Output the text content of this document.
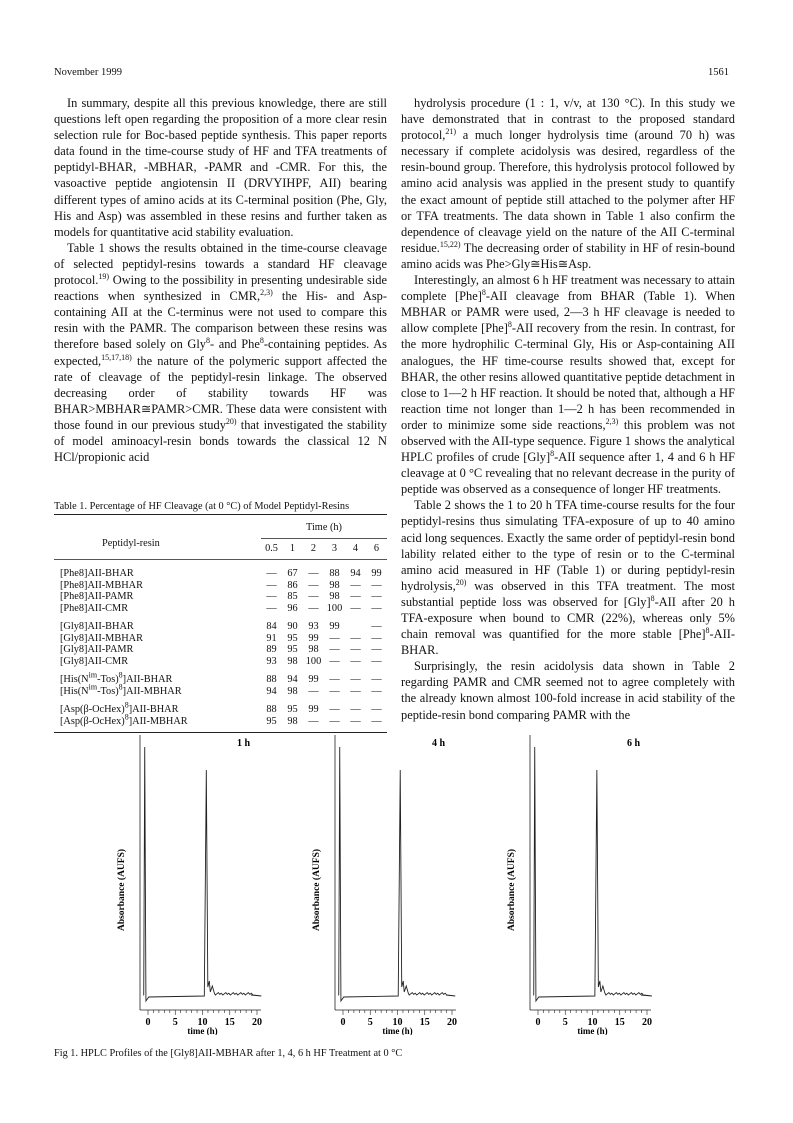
November 1999	1561

In summary, despite all this previous knowledge, there are still questions left open regarding the proposition of a more clear resin selection rule for Boc-based peptide synthesis. This paper reports data found in the time-course study of HF and TFA treatments of peptidyl-BHAR, -MBHAR, -PAMR and -CMR. For this, the vasoactive peptide angiotensin II (DRVYIHPF, AII) bearing different types of amino acids at its C-terminal position (Phe, Gly, His and Asp) was assembled in these resins and further taken as models for quantitative acid stability evaluation.

Table 1 shows the results obtained in the time-course cleavage of selected peptidyl-resins towards a standard HF cleavage protocol.$^{19)}$ Owing to the possibility in presenting undesirable side reactions when synthesized in CMR,$^{2,3)}$ the His- and Asp-containing AII at the C-terminus were not used to compare this resin with the PAMR. The comparison between these resins was therefore based solely on Gly$^8$- and Phe$^8$-containing peptides. As expected,$^{15,17,18)}$ the nature of the polymeric support affected the rate of cleavage of the peptidyl-resin linkage. The observed decreasing order of stability towards HF was BHAR>MBHAR≅PAMR>CMR. These data were consistent with those found in our previous study$^{20)}$ that investigated the stability of model aminoacyl-resin bonds towards the classical 12 N HCl/propionic acid

hydrolysis procedure (1 : 1, v/v, at 130 °C). In this study we have demonstrated that in contrast to the proposed standard protocol,$^{21)}$ a much longer hydrolysis time (around 70 h) was necessary if complete acidolysis was desired, regardless of the resin-bound group. Therefore, this hydrolysis protocol followed by amino acid analysis was applied in the present study to quantify the exact amount of peptide still attached to the polymer after HF or TFA treatments. The data shown in Table 1 also confirm the dependence of cleavage yield on the nature of the AII C-terminal residue.$^{15,22)}$ The decreasing order of stability in HF of resin-bound amino acids was Phe>Gly≅His≅Asp.

Interestingly, an almost 6 h HF treatment was necessary to attain complete [Phe]$^8$-AII cleavage from BHAR (Table 1). When MBHAR or PAMR were used, 2—3 h HF cleavage is needed to allow complete [Phe]$^8$-AII recovery from the resin. In contrast, for the more hydrophilic C-terminal Gly, His or Asp-containing AII analogues, the HF time-course results showed that, except for BHAR, the other resins allowed quantitative peptide detachment in close to 1—2 h HF reaction. It should be noted that, although a HF reaction time not longer than 1—2 h has been recommended in order to minimize some side reactions,$^{2,3)}$ this problem was not observed with the AII-type sequence. Figure 1 shows the analytical HPLC profiles of crude [Gly]$^8$-AII sequence after 1, 4 and 6 h HF cleavage at 0 °C revealing that no relevant decrease in the purity of peptide was observed as a consequence of longer HF treatments.

Table 2 shows the 1 to 20 h TFA time-course results for the four peptidyl-resins thus simulating TFA-exposure of up to 40 amino acid long sequences. Exactly the same order of peptidyl-resin bond lability related either to the type of resin or to the C-terminal amino acid measured in HF (Table 1) or during peptidyl-resin hydrolysis,$^{20)}$ was observed in this TFA treatment. The most substantial peptide loss was observed for [Gly]$^8$-AII after 20 h TFA-exposure when bound to CMR (22%), whereas only 5% chain removal was quantified for the more stable [Phe]$^8$-AII-BHAR.

Surprisingly, the resin acidolysis data shown in Table 2 regarding PAMR and CMR seemed not to agree completely with the already known almost 100-fold increase in acid stability of the peptide-resin bond comparing PAMR with the

Table 1. Percentage of HF Cleavage (at 0 °C) of Model Peptidyl-Resins
Peptidyl-resin	Time (h)					
	0.5	1	2	3	4	6
[Phe8]AII-BHAR	—	67	—	88	94	99
[Phe8]AII-MBHAR	—	86	—	98	—	—
[Phe8]AII-PAMR	—	85	—	98	—	—
[Phe8]AII-CMR	—	96	—	100	—	—
[Gly8]AII-BHAR	84	90	93	99		—
[Gly8]AII-MBHAR	91	95	99	—	—	—
[Gly8]AII-PAMR	89	95	98	—	—	—
[Gly8]AII-CMR	93	98	100	—	—	—
$[His(N^{im}-Tos)^8]AII$-BHAR	88	94	99	—	—	—
$[His(N^{im}-Tos)^8]AII$-MBHAR	94	98	—	—	—	—
[Asp(β-OcHex)$^8$]AII-BHAR	88	95	99	—	—	—
[Asp(β-OcHex)$^8$]AII-MBHAR	95	98	—	—	—	—

0 5 10 15 20
time (h)
Absorbance (AUFS)
1 h
0 5 10 15 20
time (h)
Absorbance (AUFS)
4 h
0 5 10 15 20
time (h)
Absorbance (AUFS)
6 h
Fig 1. HPLC Profiles of the [Gly8]AII-MBHAR after 1, 4, 6 h HF Treatment at 0 °C
